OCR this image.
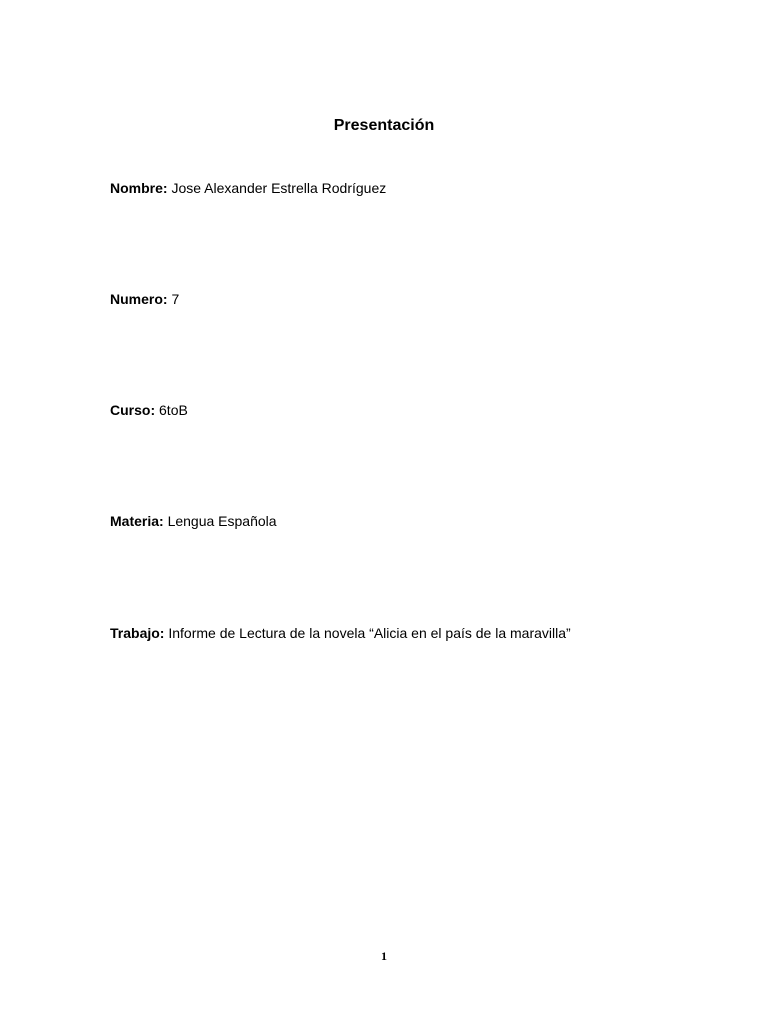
Presentación

Nombre: Jose Alexander Estrella Rodríguez

Numero: 7

Curso: 6toB

Materia: Lengua Española

Trabajo: Informe de Lectura de la novela “Alicia en el país de la maravilla”

1
